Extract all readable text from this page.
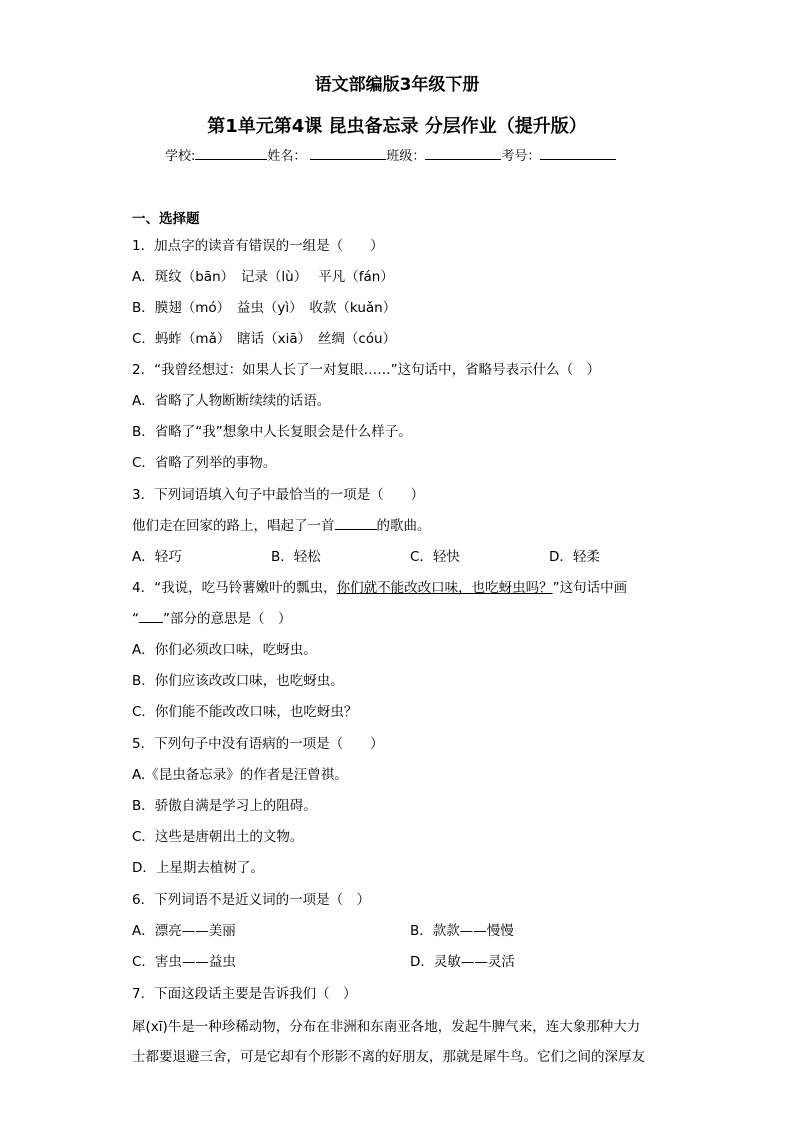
语文部编版3年级下册
第1单元第4课 昆虫备忘录 分层作业（提升版）
学校:	姓名：	班级：	考号：
一、选择题
1．加点字的读音有错误的一组是（　　）
A．斑纹（bān）　记录（lù）　 平凡（fán）
B．膜翅（mó）　益虫（yì）　收款（kuǎn）
C．蚂蚱（mǎ）　瞎话（xiā）　丝绸（cóu）
2．“我曾经想过：如果人长了一对复眼……”这句话中，省略号表示什么（　）
A．省略了人物断断续续的话语。
B．省略了“我”想象中人长复眼会是什么样子。
C．省略了列举的事物。
3．下列词语填入句子中最恰当的一项是（　　）
他们走在回家的路上，唱起了一首	的歌曲。
A．轻巧	B．轻松	C．轻快	D．轻柔
4．“我说，吃马铃薯嫩叶的瓢虫，你们就不能改改口味，也吃蚜虫吗？”这句话中画
“ ”部分的意思是（　）
A．你们必须改口味，吃蚜虫。
B．你们应该改改口味，也吃蚜虫。
C．你们能不能改改口味，也吃蚜虫？
5．下列句子中没有语病的一项是（　　）
A.《昆虫备忘录》的作者是汪曾祺。
B．骄傲自满是学习上的阻碍。
C．这些是唐朝出土的文物。
D．上星期去植树了。
6．下列词语不是近义词的一项是（　）
A．漂亮——美丽	B．款款——慢慢
C．害虫——益虫	D．灵敏——灵活
7．下面这段话主要是告诉我们（　）
犀(xī)牛是一种珍稀动物，分布在非洲和东南亚各地，发起牛脾气来，连大象那种大力
士都要退避三舍，可是它却有个形影不离的好朋友，那就是犀牛鸟。它们之间的深厚友
